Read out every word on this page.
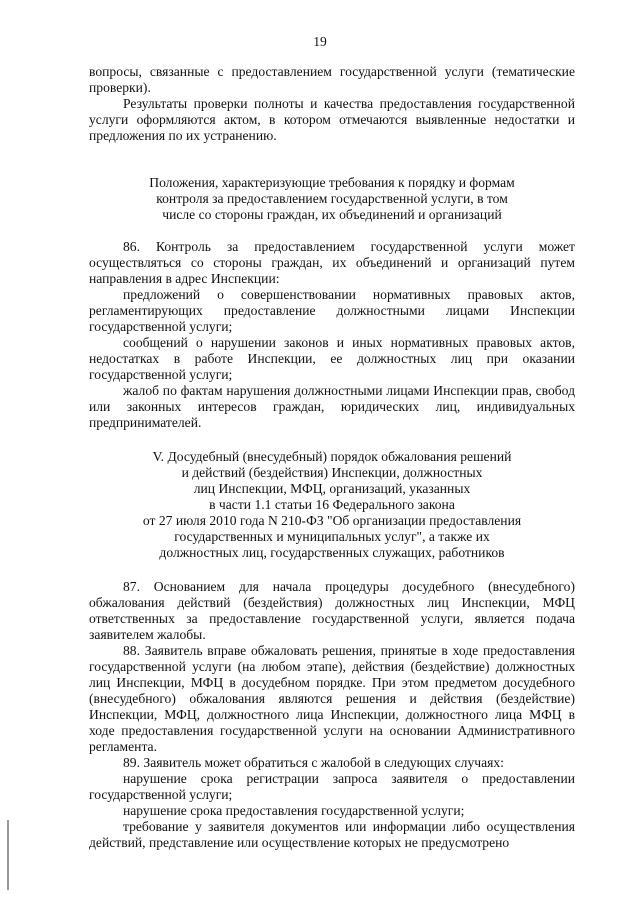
19

вопросы, связанные с предоставлением государственной услуги (тематические проверки).

Результаты проверки полноты и качества предоставления государственной услуги оформляются актом, в котором отмечаются выявленные недостатки и предложения по их устранению.

Положения, характеризующие требования к порядку и формам
контроля за предоставлением государственной услуги, в том
числе со стороны граждан, их объединений и организаций

86. Контроль за предоставлением государственной услуги может осуществляться со стороны граждан, их объединений и организаций путем направления в адрес Инспекции:

предложений о совершенствовании нормативных правовых актов, регламентирующих предоставление должностными лицами Инспекции государственной услуги;

сообщений о нарушении законов и иных нормативных правовых актов, недостатках в работе Инспекции, ее должностных лиц при оказании государственной услуги;

жалоб по фактам нарушения должностными лицами Инспекции прав, свобод или законных интересов граждан, юридических лиц, индивидуальных предпринимателей.

V. Досудебный (внесудебный) порядок обжалования решений
и действий (бездействия) Инспекции, должностных
лиц Инспекции, МФЦ, организаций, указанных
в части 1.1 статьи 16 Федерального закона
от 27 июля 2010 года N 210-ФЗ "Об организации предоставления
государственных и муниципальных услуг", а также их
должностных лиц, государственных служащих, работников

87. Основанием для начала процедуры досудебного (внесудебного) обжалования действий (бездействия) должностных лиц Инспекции, МФЦ ответственных за предоставление государственной услуги, является подача заявителем жалобы.

88. Заявитель вправе обжаловать решения, принятые в ходе предоставления государственной услуги (на любом этапе), действия (бездействие) должностных лиц Инспекции, МФЦ в досудебном порядке. При этом предметом досудебного (внесудебного) обжалования являются решения и действия (бездействие) Инспекции, МФЦ, должностного лица Инспекции, должностного лица МФЦ в ходе предоставления государственной услуги на основании Административного регламента.

89. Заявитель может обратиться с жалобой в следующих случаях:

нарушение срока регистрации запроса заявителя о предоставлении государственной услуги;

нарушение срока предоставления государственной услуги;

требование у заявителя документов или информации либо осуществления действий, представление или осуществление которых не предусмотрено
